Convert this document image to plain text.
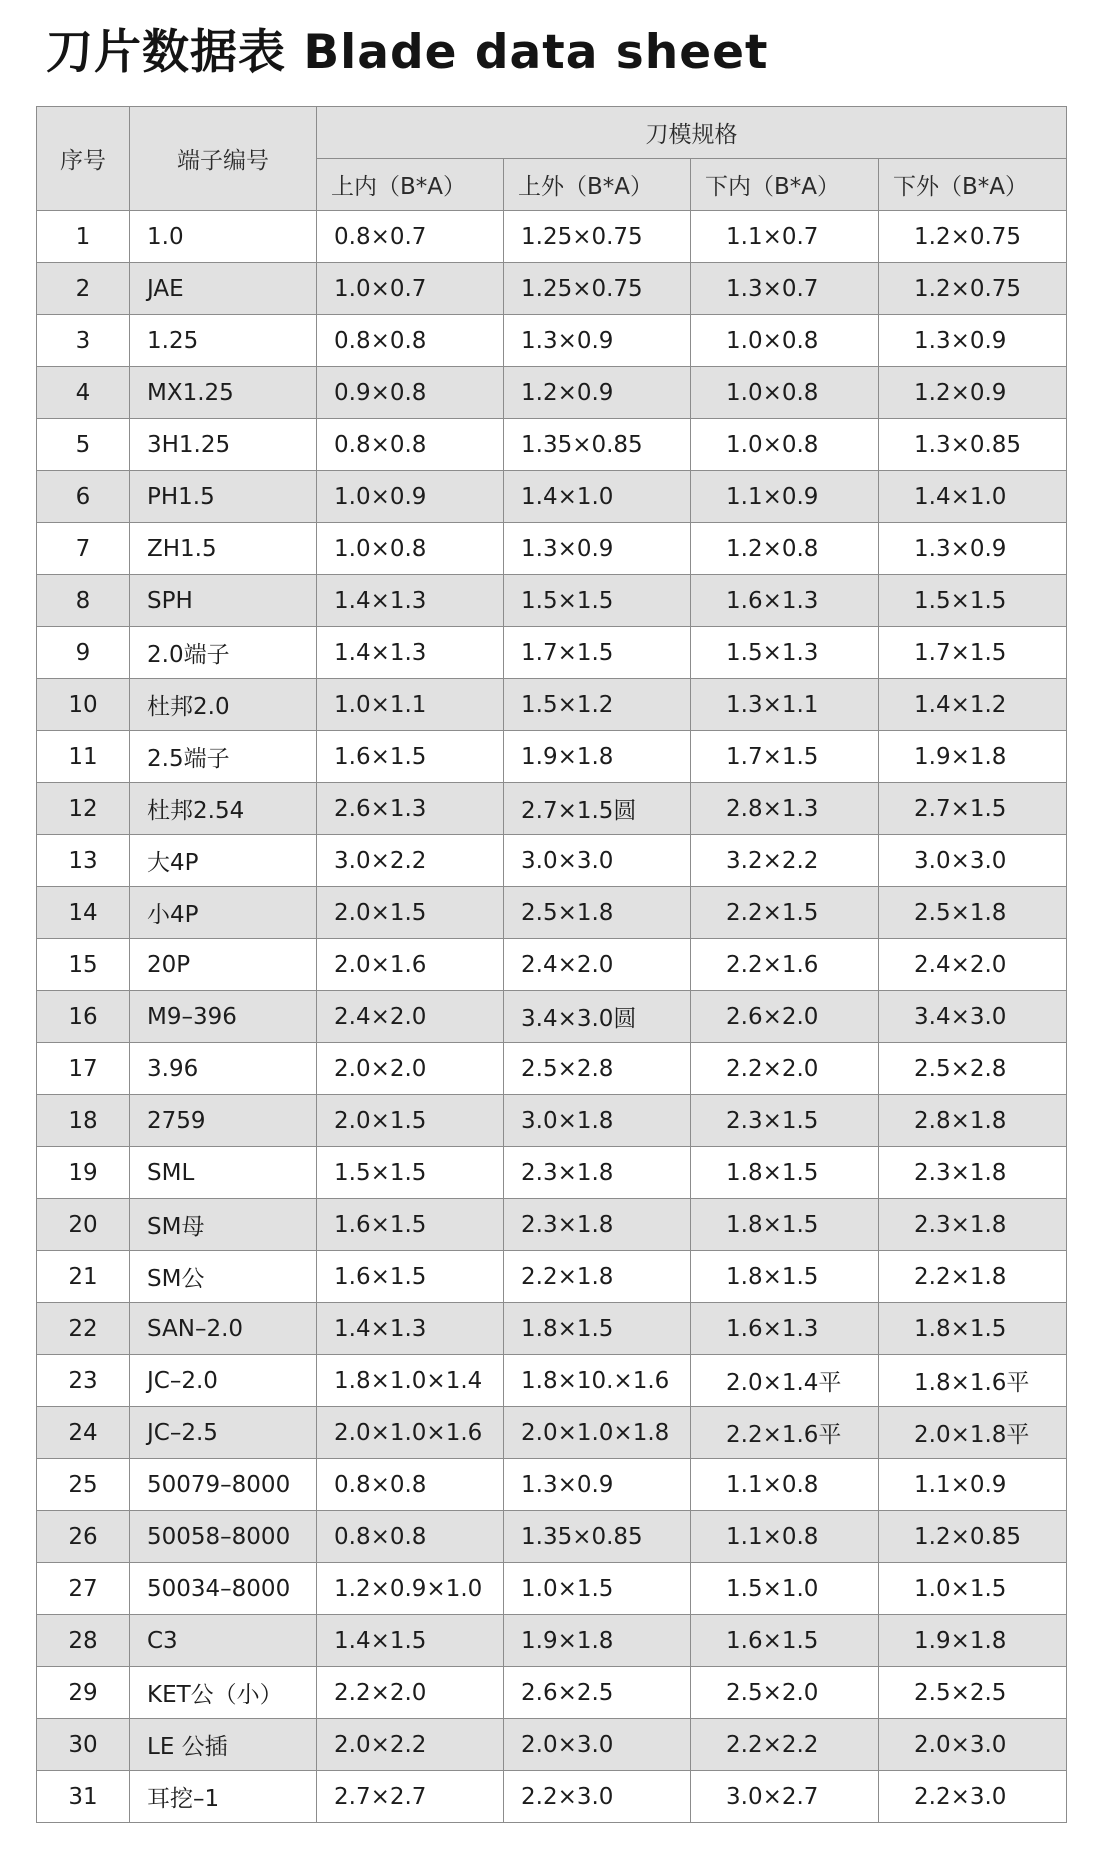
刀片数据表 Blade data sheet
序号	端子编号	刀模规格			
		上内（B*A）	上外（B*A）	下内（B*A）	下外（B*A）
1	1.0	0.8×0.7	1.25×0.75	1.1×0.7	1.2×0.75
2	JAE	1.0×0.7	1.25×0.75	1.3×0.7	1.2×0.75
3	1.25	0.8×0.8	1.3×0.9	1.0×0.8	1.3×0.9
4	MX1.25	0.9×0.8	1.2×0.9	1.0×0.8	1.2×0.9
5	3H1.25	0.8×0.8	1.35×0.85	1.0×0.8	1.3×0.85
6	PH1.5	1.0×0.9	1.4×1.0	1.1×0.9	1.4×1.0
7	ZH1.5	1.0×0.8	1.3×0.9	1.2×0.8	1.3×0.9
8	SPH	1.4×1.3	1.5×1.5	1.6×1.3	1.5×1.5
9	2.0端子	1.4×1.3	1.7×1.5	1.5×1.3	1.7×1.5
10	杜邦2.0	1.0×1.1	1.5×1.2	1.3×1.1	1.4×1.2
11	2.5端子	1.6×1.5	1.9×1.8	1.7×1.5	1.9×1.8
12	杜邦2.54	2.6×1.3	2.7×1.5圆	2.8×1.3	2.7×1.5
13	大4P	3.0×2.2	3.0×3.0	3.2×2.2	3.0×3.0
14	小4P	2.0×1.5	2.5×1.8	2.2×1.5	2.5×1.8
15	20P	2.0×1.6	2.4×2.0	2.2×1.6	2.4×2.0
16	M9–396	2.4×2.0	3.4×3.0圆	2.6×2.0	3.4×3.0
17	3.96	2.0×2.0	2.5×2.8	2.2×2.0	2.5×2.8
18	2759	2.0×1.5	3.0×1.8	2.3×1.5	2.8×1.8
19	SML	1.5×1.5	2.3×1.8	1.8×1.5	2.3×1.8
20	SM母	1.6×1.5	2.3×1.8	1.8×1.5	2.3×1.8
21	SM公	1.6×1.5	2.2×1.8	1.8×1.5	2.2×1.8
22	SAN–2.0	1.4×1.3	1.8×1.5	1.6×1.3	1.8×1.5
23	JC–2.0	1.8×1.0×1.4	1.8×10.×1.6	2.0×1.4平	1.8×1.6平
24	JC–2.5	2.0×1.0×1.6	2.0×1.0×1.8	2.2×1.6平	2.0×1.8平
25	50079–8000	0.8×0.8	1.3×0.9	1.1×0.8	1.1×0.9
26	50058–8000	0.8×0.8	1.35×0.85	1.1×0.8	1.2×0.85
27	50034–8000	1.2×0.9×1.0	1.0×1.5	1.5×1.0	1.0×1.5
28	C3	1.4×1.5	1.9×1.8	1.6×1.5	1.9×1.8
29	KET公（小）	2.2×2.0	2.6×2.5	2.5×2.0	2.5×2.5
30	LE 公插	2.0×2.2	2.0×3.0	2.2×2.2	2.0×3.0
31	耳挖–1	2.7×2.7	2.2×3.0	3.0×2.7	2.2×3.0
